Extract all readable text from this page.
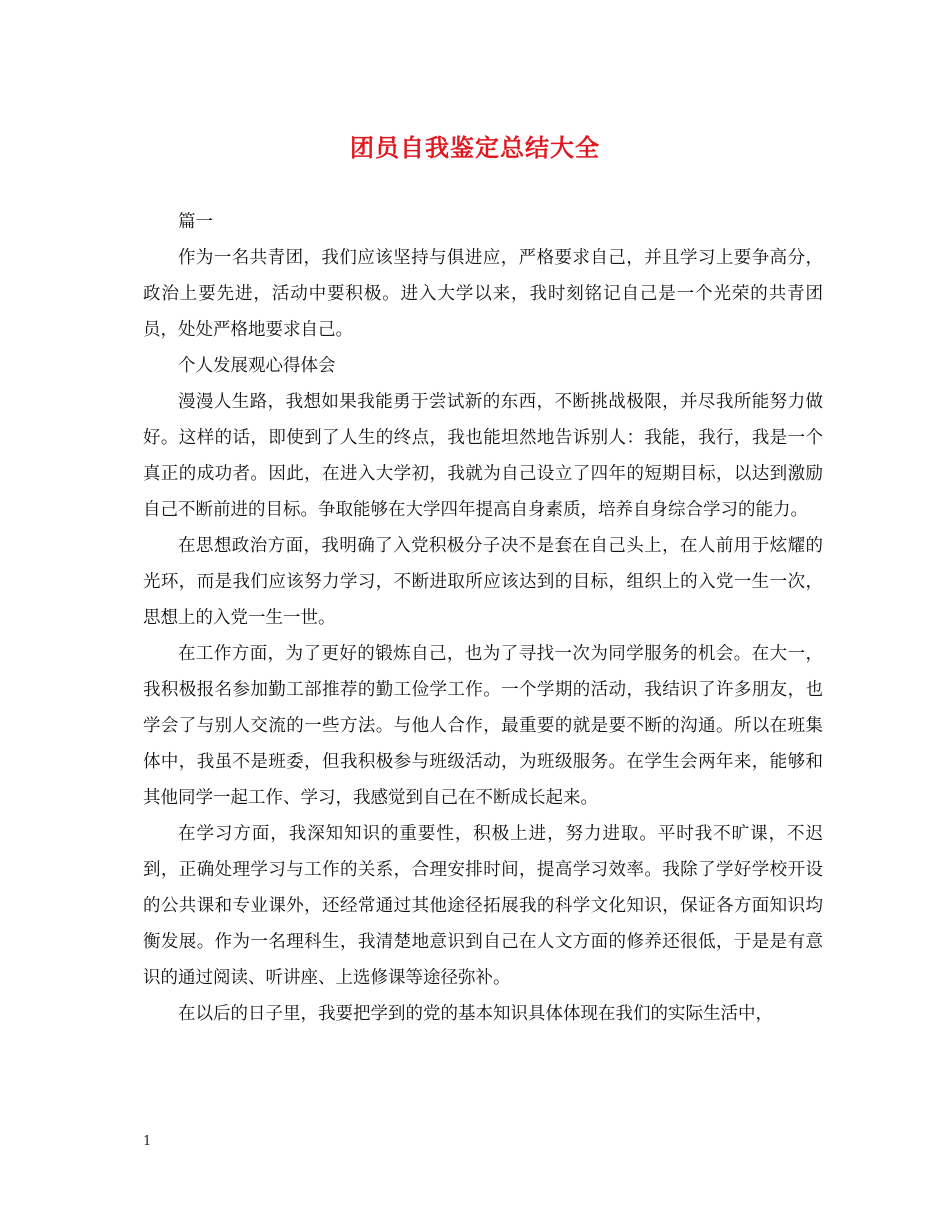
团员自我鉴定总结大全

篇一

作为一名共青团，我们应该坚持与俱进应，严格要求自己，并且学习上要争高分，政治上要先进，活动中要积极。进入大学以来，我时刻铭记自己是一个光荣的共青团员，处处严格地要求自己。

个人发展观心得体会

漫漫人生路，我想如果我能勇于尝试新的东西，不断挑战极限，并尽我所能努力做好。这样的话，即使到了人生的终点，我也能坦然地告诉别人：我能，我行，我是一个真正的成功者。因此，在进入大学初，我就为自己设立了四年的短期目标，以达到激励自己不断前进的目标。争取能够在大学四年提高自身素质，培养自身综合学习的能力。

在思想政治方面，我明确了入党积极分子决不是套在自己头上，在人前用于炫耀的光环，而是我们应该努力学习，不断进取所应该达到的目标，组织上的入党一生一次，思想上的入党一生一世。

在工作方面，为了更好的锻炼自己，也为了寻找一次为同学服务的机会。在大一，我积极报名参加勤工部推荐的勤工俭学工作。一个学期的活动，我结识了许多朋友，也学会了与别人交流的一些方法。与他人合作，最重要的就是要不断的沟通。所以在班集体中，我虽不是班委，但我积极参与班级活动，为班级服务。在学生会两年来，能够和其他同学一起工作、学习，我感觉到自己在不断成长起来。

在学习方面，我深知知识的重要性，积极上进，努力进取。平时我不旷课，不迟到，正确处理学习与工作的关系，合理安排时间，提高学习效率。我除了学好学校开设的公共课和专业课外，还经常通过其他途径拓展我的科学文化知识，保证各方面知识均衡发展。作为一名理科生，我清楚地意识到自己在人文方面的修养还很低，于是是有意识的通过阅读、听讲座、上选修课等途径弥补。

在以后的日子里，我要把学到的党的基本知识具体体现在我们的实际生活中，

1
